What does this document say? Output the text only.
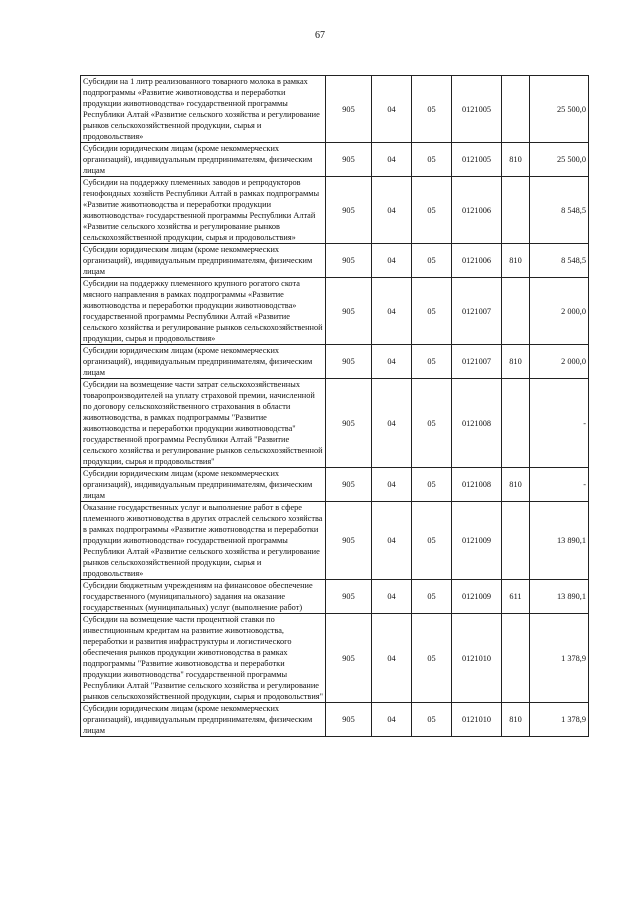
67
Субсидии на 1 литр реализованного товарного молока в рамках подпрограммы «Развитие животноводства и переработки продукции животноводства» государственной программы Республики Алтай «Развитие сельского хозяйства и регулирование рынков сельскохозяйственной продукции, сырья и продовольствия»	905	04	05	0121005		25 500,0
Субсидии юридическим лицам (кроме некоммерческих организаций), индивидуальным предпринимателям, физическим лицам	905	04	05	0121005	810	25 500,0
Субсидии на поддержку племенных заводов и репродукторов генофондных хозяйств Республики Алтай в рамках подпрограммы «Развитие животноводства и переработки продукции животноводства» государственной программы Республики Алтай «Развитие сельского хозяйства и регулирование рынков сельскохозяйственной продукции, сырья и продовольствия»	905	04	05	0121006		8 548,5
Субсидии юридическим лицам (кроме некоммерческих организаций), индивидуальным предпринимателям, физическим лицам	905	04	05	0121006	810	8 548,5
Субсидии на поддержку племенного крупного рогатого скота мясного направления в рамках подпрограммы «Развитие животноводства и переработки продукции животноводства» государственной программы Республики Алтай «Развитие сельского хозяйства и регулирование рынков сельскохозяйственной продукции, сырья и продовольствия»	905	04	05	0121007		2 000,0
Субсидии юридическим лицам (кроме некоммерческих организаций), индивидуальным предпринимателям, физическим лицам	905	04	05	0121007	810	2 000,0
Субсидии на возмещение части затрат сельскохозяйственных товаропроизводителей на уплату страховой премии, начисленной по договору сельскохозяйственного страхования в области животноводства, в рамках подпрограммы "Развитие животноводства и переработки продукции животноводства" государственной программы Республики Алтай "Развитие сельского хозяйства и регулирование рынков сельскохозяйственной продукции, сырья и продовольствия"	905	04	05	0121008		-
Субсидии юридическим лицам (кроме некоммерческих организаций), индивидуальным предпринимателям, физическим лицам	905	04	05	0121008	810	-
Оказание государственных услуг и выполнение работ в сфере племенного животноводства в других отраслей сельского хозяйства в рамках подпрограммы «Развитие животноводства и переработки продукции животноводства» государственной программы Республики Алтай «Развитие сельского хозяйства и регулирование рынков сельскохозяйственной продукции, сырья и продовольствия»	905	04	05	0121009		13 890,1
Субсидии бюджетным учреждениям на финансовое обеспечение государственного (муниципального) задания на оказание государственных (муниципальных) услуг (выполнение работ)	905	04	05	0121009	611	13 890,1
Субсидии на возмещение части процентной ставки по инвестиционным кредитам на развитие животноводства, переработки и развития инфраструктуры и логистического обеспечения рынков продукции животноводства в рамках подпрограммы "Развитие животноводства и переработки продукции животноводства" государственной программы Республики Алтай "Развитие сельского хозяйства и регулирование рынков сельскохозяйственной продукции, сырья и продовольствия"	905	04	05	0121010		1 378,9
Субсидии юридическим лицам (кроме некоммерческих организаций), индивидуальным предпринимателям, физическим лицам	905	04	05	0121010	810	1 378,9
